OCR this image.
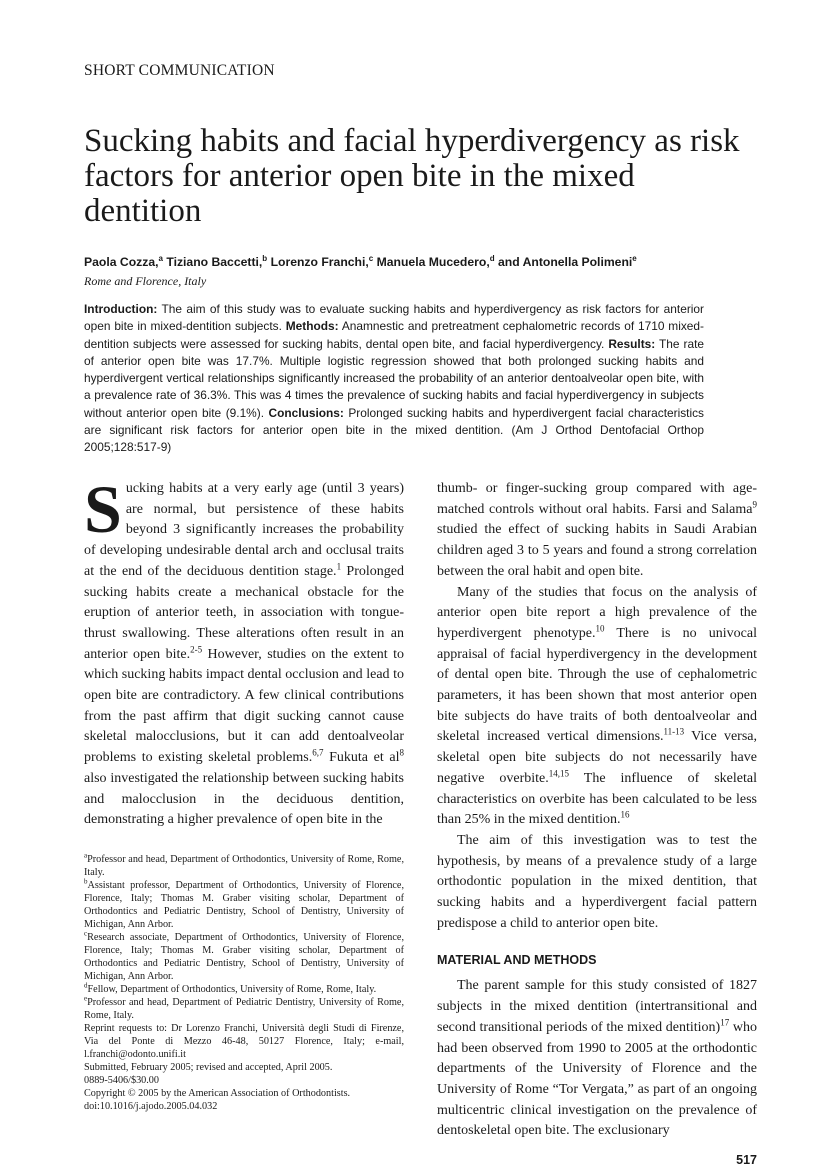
SHORT COMMUNICATION
Sucking habits and facial hyperdivergency as risk factors for anterior open bite in the mixed dentition
Paola Cozza,$^a$ Tiziano Baccetti,$^b$ Lorenzo Franchi,$^c$ Manuela Mucedero,$^d$ and Antonella Polimeni$^e$
Rome and Florence, Italy
Introduction: The aim of this study was to evaluate sucking habits and hyperdivergency as risk factors for anterior open bite in mixed-dentition subjects. Methods: Anamnestic and pretreatment cephalometric records of 1710 mixed-dentition subjects were assessed for sucking habits, dental open bite, and facial hyperdivergency. Results: The rate of anterior open bite was 17.7%. Multiple logistic regression showed that both prolonged sucking habits and hyperdivergent vertical relationships significantly increased the probability of an anterior dentoalveolar open bite, with a prevalence rate of 36.3%. This was 4 times the prevalence of sucking habits and facial hyperdivergency in subjects without anterior open bite (9.1%). Conclusions: Prolonged sucking habits and hyperdivergent facial characteristics are significant risk factors for anterior open bite in the mixed dentition. (Am J Orthod Dentofacial Orthop 2005;128:517-9)
S ucking habits at a very early age (until 3 years) are normal, but persistence of these habits beyond 3 significantly increases the probability of developing undesirable dental arch and occlusal traits at the end of the deciduous dentition stage.$^1$ Prolonged sucking habits create a mechanical obstacle for the eruption of anterior teeth, in association with tongue-thrust swallowing. These alterations often result in an anterior open bite.$^{2-5}$ However, studies on the extent to which sucking habits impact dental occlusion and lead to open bite are contradictory. A few clinical contributions from the past affirm that digit sucking cannot cause skeletal malocclusions, but it can add dentoalveolar problems to existing skeletal problems.$^{6,7}$ Fukuta et $al^8$ also investigated the relationship between sucking habits and malocclusion in the deciduous dentition, demonstrating a higher prevalence of open bite in the

$^a$Professor and head, Department of Orthodontics, University of Rome, Rome, Italy.
$^b$Assistant professor, Department of Orthodontics, University of Florence, Florence, Italy; Thomas M. Graber visiting scholar, Department of Orthodontics and Pediatric Dentistry, School of Dentistry, University of Michigan, Ann Arbor.
$^c$Research associate, Department of Orthodontics, University of Florence, Florence, Italy; Thomas M. Graber visiting scholar, Department of Orthodontics and Pediatric Dentistry, School of Dentistry, University of Michigan, Ann Arbor.
$^d$Fellow, Department of Orthodontics, University of Rome, Rome, Italy.
$^e$Professor and head, Department of Pediatric Dentistry, University of Rome, Rome, Italy.
Reprint requests to: Dr Lorenzo Franchi, Università degli Studi di Firenze, Via del Ponte di Mezzo 46-48, 50127 Florence, Italy; e-mail, l.franchi@odonto.unifi.it
Submitted, February 2005; revised and accepted, April 2005.
0889-5406/$30.00
Copyright © 2005 by the American Association of Orthodontists.
doi:10.1016/j.ajodo.2005.04.032

thumb- or finger-sucking group compared with age-matched controls without oral habits. Farsi and Salama$^9$ studied the effect of sucking habits in Saudi Arabian children aged 3 to 5 years and found a strong correlation between the oral habit and open bite.

Many of the studies that focus on the analysis of anterior open bite report a high prevalence of the hyperdivergent phenotype.$^{10}$ There is no univocal appraisal of facial hyperdivergency in the development of dental open bite. Through the use of cephalometric parameters, it has been shown that most anterior open bite subjects do have traits of both dentoalveolar and skeletal increased vertical dimensions.$^{11-13}$ Vice versa, skeletal open bite subjects do not necessarily have negative overbite.$^{14,15}$ The influence of skeletal characteristics on overbite has been calculated to be less than 25% in the mixed dentition.$^{16}$

The aim of this investigation was to test the hypothesis, by means of a prevalence study of a large orthodontic population in the mixed dentition, that sucking habits and a hyperdivergent facial pattern predispose a child to anterior open bite.

MATERIAL AND METHODS

The parent sample for this study consisted of 1827 subjects in the mixed dentition (intertransitional and second transitional periods of the mixed dentition)$^{17}$ who had been observed from 1990 to 2005 at the orthodontic departments of the University of Florence and the University of Rome “Tor Vergata,” as part of an ongoing multicentric clinical investigation on the prevalence of dentoskeletal open bite. The exclusionary

517
